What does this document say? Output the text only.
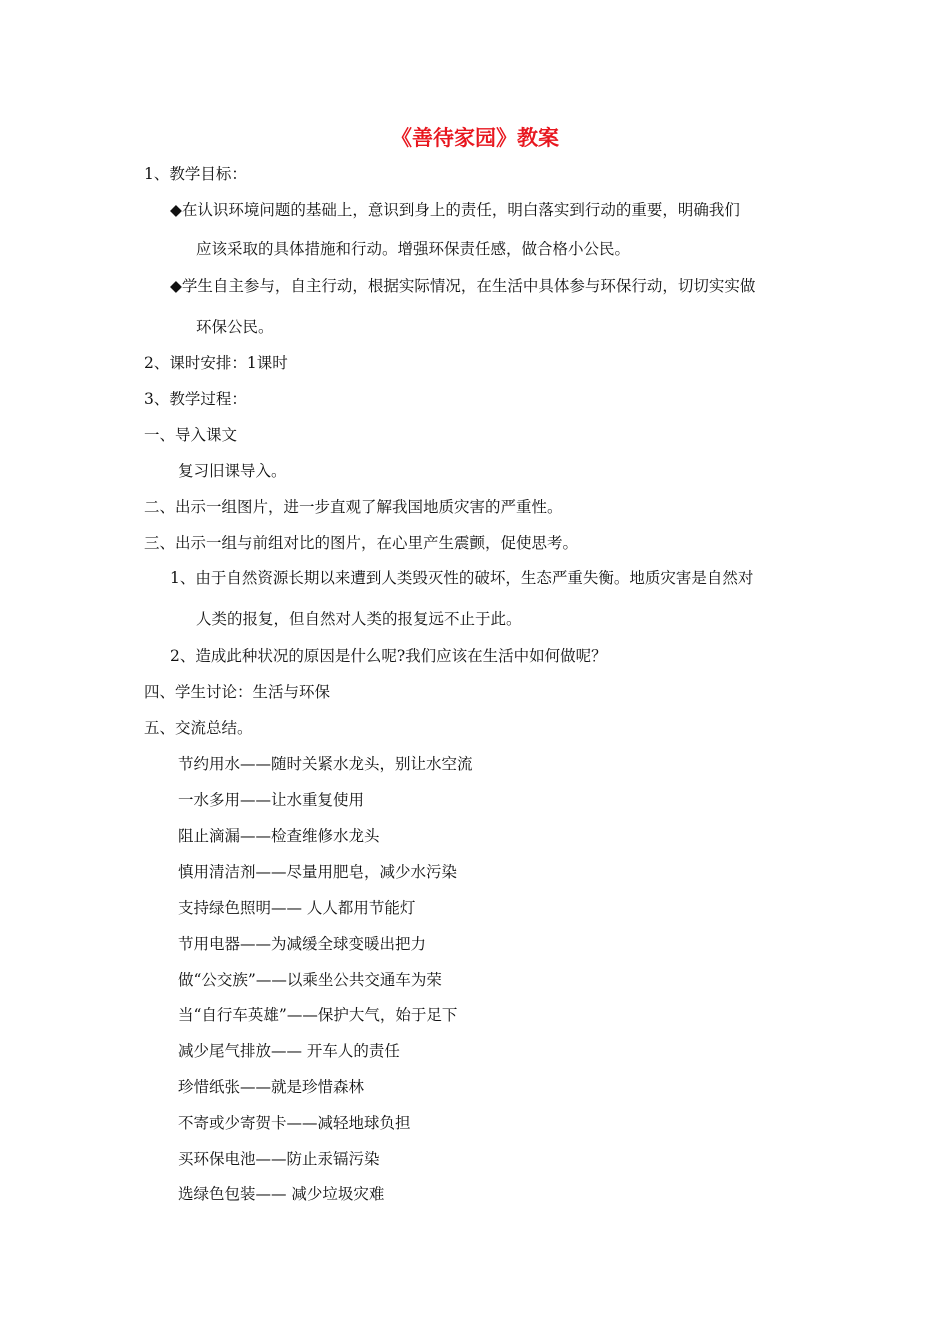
《善待家园》教案
1、教学目标：
◆在认识环境问题的基础上，意识到身上的责任，明白落实到行动的重要，明确我们
应该采取的具体措施和行动。增强环保责任感，做合格小公民。
◆学生自主参与，自主行动，根据实际情况，在生活中具体参与环保行动，切切实实做
环保公民。
2、课时安排：1课时
3、教学过程：
一、导入课文
复习旧课导入。
二、出示一组图片，进一步直观了解我国地质灾害的严重性。
三、出示一组与前组对比的图片，在心里产生震颤，促使思考。
1、由于自然资源长期以来遭到人类毁灭性的破坏，生态严重失衡。地质灾害是自然对
人类的报复，但自然对人类的报复远不止于此。
2、造成此种状况的原因是什么呢?我们应该在生活中如何做呢？
四、学生讨论：生活与环保
五、交流总结。
节约用水——随时关紧水龙头，别让水空流
一水多用——让水重复使用
阻止滴漏——检查维修水龙头
慎用清洁剂——尽量用肥皂，减少水污染
支持绿色照明—— 人人都用节能灯
节用电器——为减缓全球变暖出把力
做“公交族”——以乘坐公共交通车为荣
当“自行车英雄”——保护大气，始于足下
减少尾气排放—— 开车人的责任
珍惜纸张——就是珍惜森林
不寄或少寄贺卡——减轻地球负担
买环保电池——防止汞镉污染
选绿色包装—— 减少垃圾灾难
